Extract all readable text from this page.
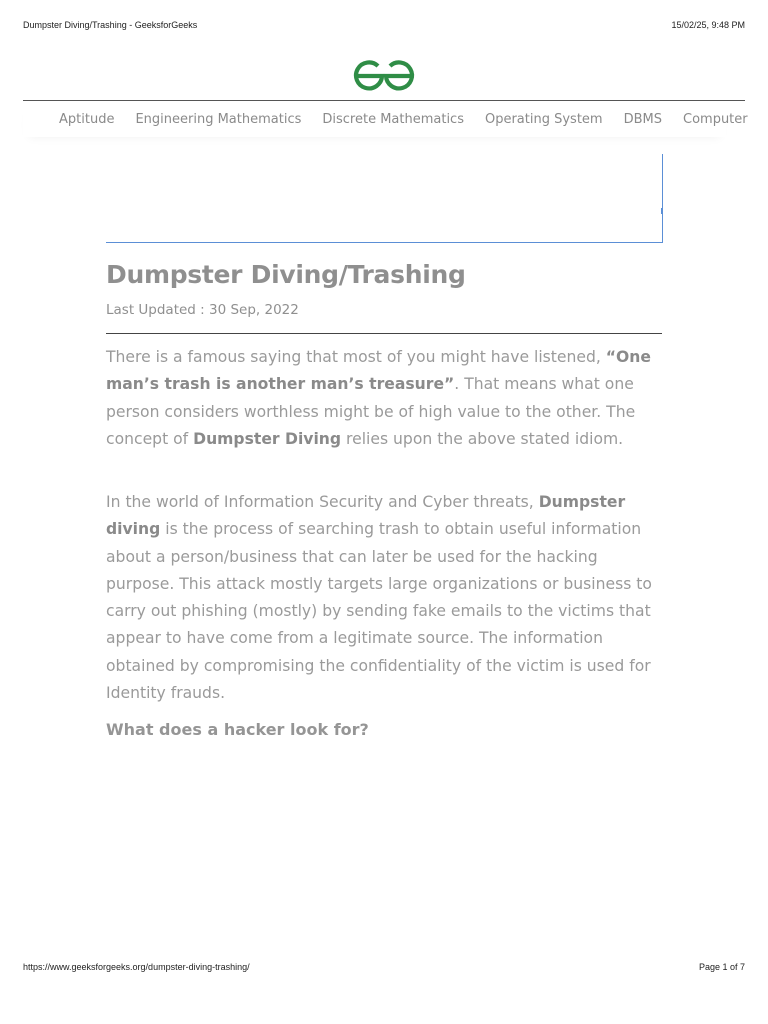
Dumpster Diving/Trashing - GeeksforGeeks	15/02/25, 9:48 PM
Aptitude Engineering Mathematics Discrete Mathematics Operating System DBMS Computer
Dumpster Diving/Trashing
Last Updated : 30 Sep, 2022

There is a famous saying that most of you might have listened, “One man’s trash is another man’s treasure”. That means what one person considers worthless might be of high value to the other. The concept of Dumpster Diving relies upon the above stated idiom.

In the world of Information Security and Cyber threats, Dumpster diving is the process of searching trash to obtain useful information about a person/business that can later be used for the hacking purpose. This attack mostly targets large organizations or business to carry out phishing (mostly) by sending fake emails to the victims that appear to have come from a legitimate source. The information obtained by compromising the confidentiality of the victim is used for Identity frauds.

What does a hacker look for?
https://www.geeksforgeeks.org/dumpster-diving-trashing/	Page 1 of 7
